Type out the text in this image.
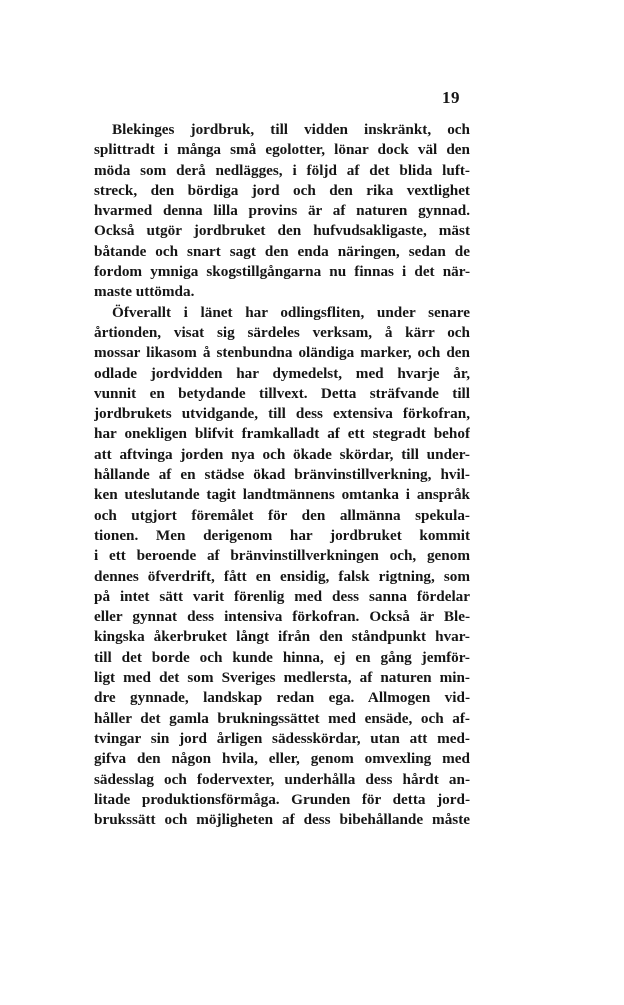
19
Blekinges jordbruk, till vidden inskränkt, och
splittradt i många små egolotter, lönar dock väl den
möda som derå nedlägges, i följd af det blida luft-
streck, den bördiga jord och den rika vextlighet
hvarmed denna lilla provins är af naturen gynnad.
Också utgör jordbruket den hufvudsakligaste, mäst
båtande och snart sagt den enda näringen, sedan de
fordom ymniga skogstillgångarna nu finnas i det när-
maste uttömda.
Öfverallt i länet har odlingsfliten, under senare
årtionden, visat sig särdeles verksam, å kärr och
mossar likasom å stenbundna oländiga marker, och den
odlade jordvidden har dymedelst, med hvarje år,
vunnit en betydande tillvext. Detta sträfvande till
jordbrukets utvidgande, till dess extensiva förkofran,
har onekligen blifvit framkalladt af ett stegradt behof
att aftvinga jorden nya och ökade skördar, till under-
hållande af en städse ökad bränvinstillverkning, hvil-
ken uteslutande tagit landtmännens omtanka i anspråk
och utgjort föremålet för den allmänna spekula-
tionen. Men derigenom har jordbruket kommit
i ett beroende af bränvinstillverkningen och, genom
dennes öfverdrift, fått en ensidig, falsk rigtning, som
på intet sätt varit förenlig med dess sanna fördelar
eller gynnat dess intensiva förkofran. Också är Ble-
kingska åkerbruket långt ifrån den ståndpunkt hvar-
till det borde och kunde hinna, ej en gång jemför-
ligt med det som Sveriges medlersta, af naturen min-
dre gynnade, landskap redan ega. Allmogen vid-
håller det gamla brukningssättet med ensäde, och af-
tvingar sin jord årligen sädesskördar, utan att med-
gifva den någon hvila, eller, genom omvexling med
sädesslag och fodervexter, underhålla dess hårdt an-
litade produktionsförmåga. Grunden för detta jord-
brukssätt och möjligheten af dess bibehållande måste
